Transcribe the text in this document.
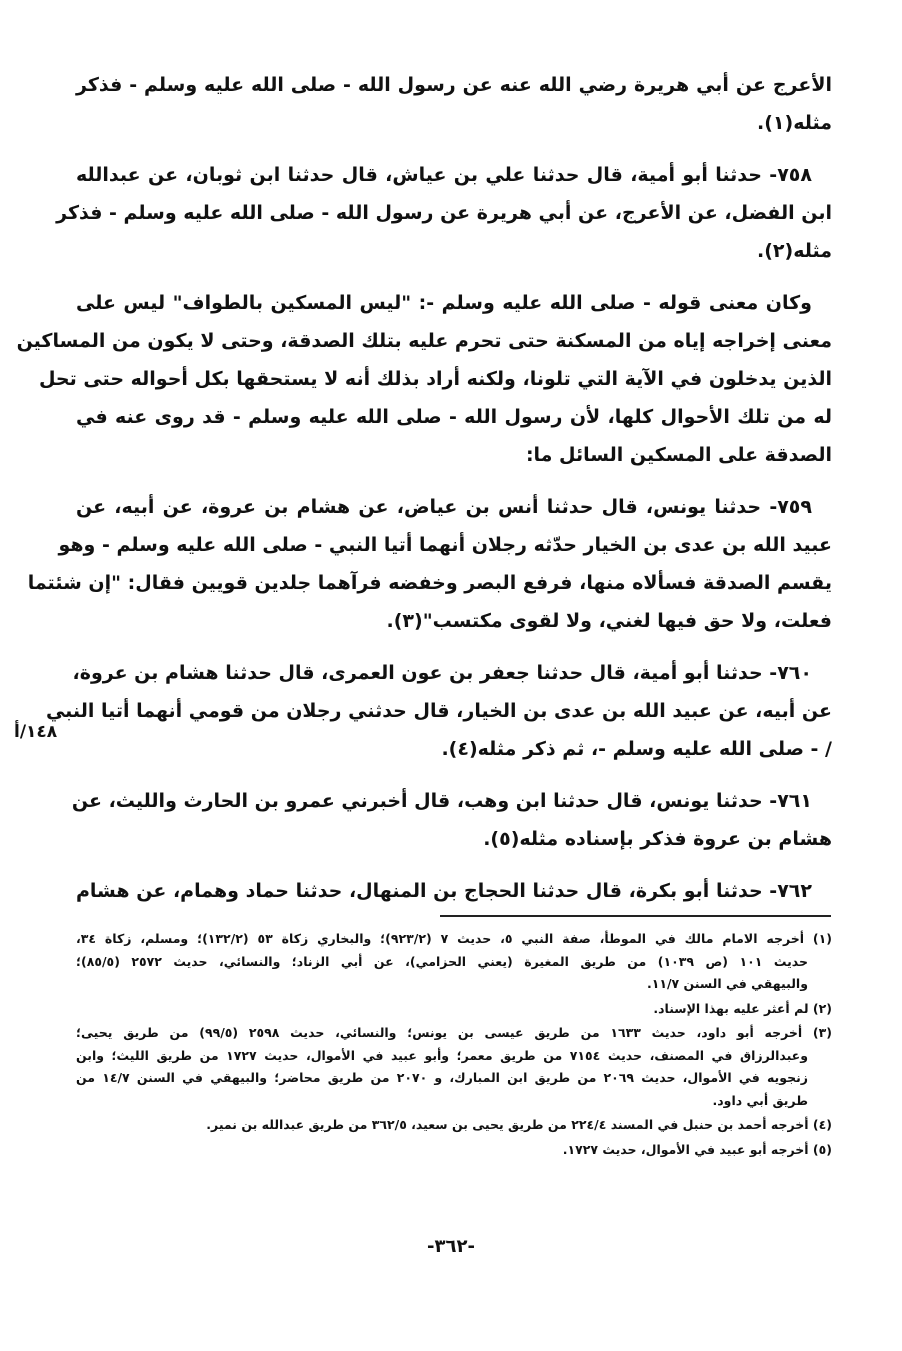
الأعرج عن أبي هريرة رضي الله عنه عن رسول الله - صلى الله عليه وسلم - فذكر
مثله(١).
٧٥٨- حدثنا أبو أمية، قال حدثنا علي بن عياش، قال حدثنا ابن ثوبان، عن عبدالله
ابن الفضل، عن الأعرج، عن أبي هريرة عن رسول الله - صلى الله عليه وسلم - فذكر
مثله(٢).
وكان معنى قوله - صلى الله عليه وسلم -: "ليس المسكين بالطواف" ليس على
معنى إخراجه إياه من المسكنة حتى تحرم عليه بتلك الصدقة، وحتى لا يكون من المساكين
الذين يدخلون في الآية التي تلونا، ولكنه أراد بذلك أنه لا يستحقها بكل أحواله حتى تحل
له من تلك الأحوال كلها، لأن رسول الله - صلى الله عليه وسلم - قد روى عنه في
الصدقة على المسكين السائل ما:
٧٥٩- حدثنا يونس، قال حدثنا أنس بن عياض، عن هشام بن عروة، عن أبيه، عن
عبيد الله بن عدى بن الخيار حدّثه رجلان أنهما أتيا النبي - صلى الله عليه وسلم - وهو
يقسم الصدقة فسألاه منها، فرفع البصر وخفضه فرآهما جلدين قويين فقال: "إن شئتما
فعلت، ولا حق فيها لغني، ولا لقوى مكتسب"(٣).
٧٦٠- حدثنا أبو أمية، قال حدثنا جعفر بن عون العمرى، قال حدثنا هشام بن عروة،
عن أبيه، عن عبيد الله بن عدى بن الخيار، قال حدثني رجلان من قومي أنهما أتيا النبي
/ - صلى الله عليه وسلم -، ثم ذكر مثله(٤).
٧٦١- حدثنا يونس، قال حدثنا ابن وهب، قال أخبرني عمرو بن الحارث والليث، عن
هشام بن عروة فذكر بإسناده مثله(٥).
٧٦٢- حدثنا أبو بكرة، قال حدثنا الحجاج بن المنهال، حدثنا حماد وهمام، عن هشام
١٤٨/أ
(١) أخرجه الامام مالك في الموطأ، صفة النبي ٥، حديث ٧ (٩٢٣/٢)؛ والبخاري زكاة ٥٣ (١٣٢/٢)؛ ومسلم، زكاة ٣٤،
حديث ١٠١ (ص ١٠٣٩) من طريق المغيرة (يعني الحزامي)، عن أبي الزناد؛ والنسائي، حديث ٢٥٧٢ (٨٥/٥)؛
والبيهقي في السنن ١١/٧.
(٢) لم أعثر عليه بهذا الإسناد.
(٣) أخرجه أبو داود، حديث ١٦٣٣ من طريق عيسى بن يونس؛ والنسائي، حديث ٢٥٩٨ (٩٩/٥) من طريق يحيى؛
وعبدالرزاق في المصنف، حديث ٧١٥٤ من طريق معمر؛ وأبو عبيد في الأموال، حديث ١٧٢٧ من طريق الليث؛ وابن
زنجويه في الأموال، حديث ٢٠٦٩ من طريق ابن المبارك، و ٢٠٧٠ من طريق محاضر؛ والبيهقي في السنن ١٤/٧ من
طريق أبي داود.
(٤) أخرجه أحمد بن حنبل في المسند ٢٢٤/٤ من طريق يحيى بن سعيد، ٣٦٢/٥ من طريق عبدالله بن نمير.
(٥) أخرجه أبو عبيد في الأموال، حديث ١٧٢٧.
-٣٦٢-
